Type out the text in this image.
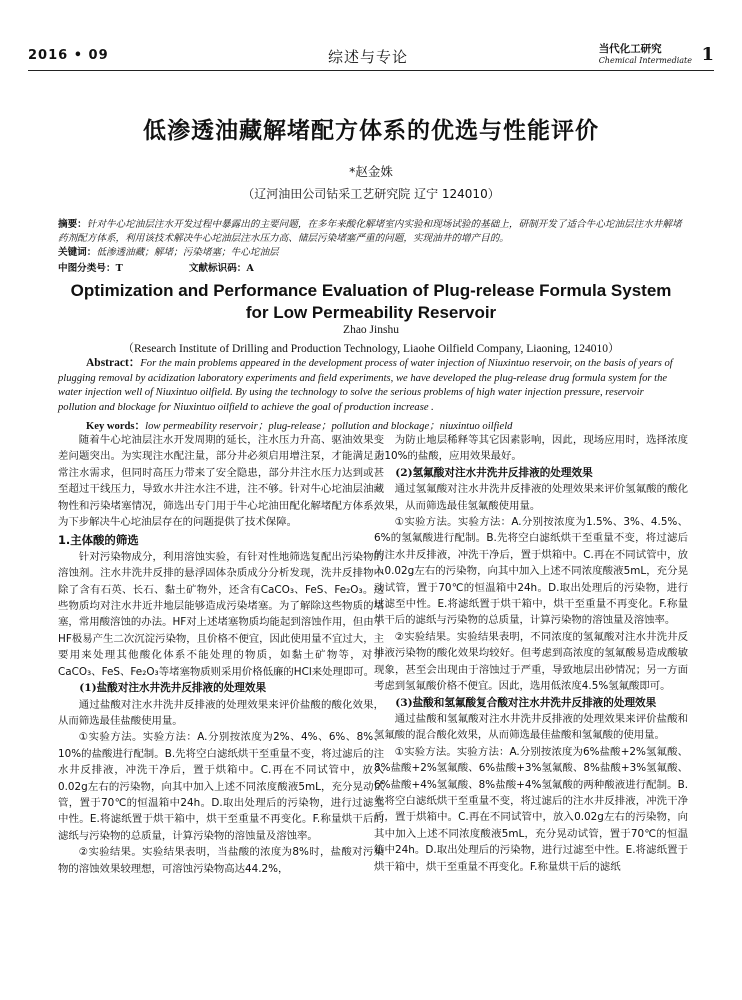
2016 • 09	综述与专论	当代化工研究
Chemical Intermediate 1
低渗透油藏解堵配方体系的优选与性能评价
*赵金姝
（辽河油田公司钻采工艺研究院 辽宁 124010）
摘要：针对牛心坨油层注水开发过程中暴露出的主要问题，在多年来酸化解堵室内实验和现场试验的基础上，研制开发了适合牛心坨油层注水井解堵药剂配方体系，利用该技术解决牛心坨油层注水压力高、储层污染堵塞严重的问题，实现油井的增产目的。
关键词：低渗透油藏；解堵；污染堵塞；牛心坨油层
中图分类号：T	文献标识码：A
Optimization and Performance Evaluation of Plug-release Formula System for Low Permeability Reservoir
Zhao Jinshu
（Research Institute of Drilling and Production Technology, Liaohe Oilfield Company, Liaoning, 124010）
Abstract：For the main problems appeared in the development process of water injection of Niuxintuo reservoir, on the basis of years of plugging removal by acidization laboratory experiments and field experiments, we have developed the plug-release drug formula system for the water injection well of Niuxintuo oilfield. By using the technology to solve the serious problems of high water injection pressure, reservoir pollution and blockage for Niuxintuo oilfield to achieve the goal of production increase .
Key words：low permeability reservoir；plug-release；pollution and blockage；niuxintuo oilfield

随着牛心坨油层注水开发周期的延长，注水压力升高、驱油效果变差问题突出。为实现注水配注量，部分井必须启用增注泵，才能满足正常注水需求，但同时高压力带来了安全隐患，部分井注水压力达到或甚至超过干线压力，导致水井注水注不进，注不够。针对牛心坨油层油藏物性和污染堵塞情况，筛选出专门用于牛心坨油田配化解堵配方体系，为下步解决牛心坨油层存在的问题提供了技术保障。

1.主体酸的筛选

针对污染物成分，利用溶蚀实验，有针对性地筛选复配出污染物的溶蚀剂。注水井洗井反排的悬浮固体杂质成分分析发现，洗井反排物中除了含有石英、长石、黏土矿物外，还含有CaCO₃、FeS、Fe₂O₃。这些物质均对注水井近井地层能够造成污染堵塞。为了解除这些物质的堵塞，常用酸溶蚀的办法。HF对上述堵塞物质均能起到溶蚀作用，但由于HF极易产生二次沉淀污染物，且价格不便宜，因此使用量不宜过大，主要用来处理其他酸化体系不能处理的物质，如黏土矿物等，对于CaCO₃、FeS、Fe₂O₃等堵塞物质则采用价格低廉的HCl来处理即可。

(1)盐酸对注水井洗井反排液的处理效果

通过盐酸对注水井洗井反排液的处理效果来评价盐酸的酸化效果，从而筛选最佳盐酸使用量。

①实验方法。实验方法：A.分别按浓度为2%、4%、6%、8%、10%的盐酸进行配制。B.先将空白滤纸烘干至重量不变，将过滤后的注水井反排液，冲洗干净后，置于烘箱中。C.再在不同试管中，放入0.02g左右的污染物，向其中加入上述不同浓度酸液5mL，充分晃动试管，置于70℃的恒温箱中24h。D.取出处理后的污染物，进行过滤至中性。E.将滤纸置于烘干箱中，烘干至重量不再变化。F.称量烘干后的滤纸与污染物的总质量，计算污染物的溶蚀量及溶蚀率。

②实验结果。实验结果表明，当盐酸的浓度为8%时，盐酸对污染物的溶蚀效果较理想，可溶蚀污染物高达44.2%，

为防止地层稀释等其它因素影响，因此，现场应用时，选择浓度为10%的盐酸，应用效果最好。

(2)氢氟酸对注水井洗井反排液的处理效果

通过氢氟酸对注水井洗井反排液的处理效果来评价氢氟酸的酸化效果，从而筛选最佳氢氟酸使用量。

①实验方法。实验方法：A.分别按浓度为1.5%、3%、4.5%、6%的氢氟酸进行配制。B.先将空白滤纸烘干至重量不变，将过滤后的注水井反排液，冲洗干净后，置于烘箱中。C.再在不同试管中，放入0.02g左右的污染物，向其中加入上述不同浓度酸液5mL，充分晃动试管，置于70℃的恒温箱中24h。D.取出处理后的污染物，进行过滤至中性。E.将滤纸置于烘干箱中，烘干至重量不再变化。F.称量烘干后的滤纸与污染物的总质量，计算污染物的溶蚀量及溶蚀率。

②实验结果。实验结果表明，不同浓度的氢氟酸对注水井洗井反排液污染物的酸化效果均较好。但考虑到高浓度的氢氟酸易造成酸敏现象，甚至会出现由于溶蚀过于严重，导致地层出砂情况；另一方面考虑到氢氟酸价格不便宜。因此，选用低浓度4.5%氢氟酸即可。

(3)盐酸和氢氟酸复合酸对注水井洗井反排液的处理效果

通过盐酸和氢氟酸对注水井洗井反排液的处理效果来评价盐酸和氢氟酸的混合酸化效果，从而筛选最佳盐酸和氢氟酸的使用量。

①实验方法。实验方法：A.分别按浓度为6%盐酸+2%氢氟酸、8%盐酸+2%氢氟酸、6%盐酸+3%氢氟酸、8%盐酸+3%氢氟酸、6%盐酸+4%氢氟酸、8%盐酸+4%氢氟酸的两种酸液进行配制。B.先将空白滤纸烘干至重量不变，将过滤后的注水井反排液，冲洗干净后，置于烘箱中。C.再在不同试管中，放入0.02g左右的污染物，向其中加入上述不同浓度酸液5mL，充分晃动试管，置于70℃的恒温箱中24h。D.取出处理后的污染物，进行过滤至中性。E.将滤纸置于烘干箱中，烘干至重量不再变化。F.称量烘干后的滤纸
